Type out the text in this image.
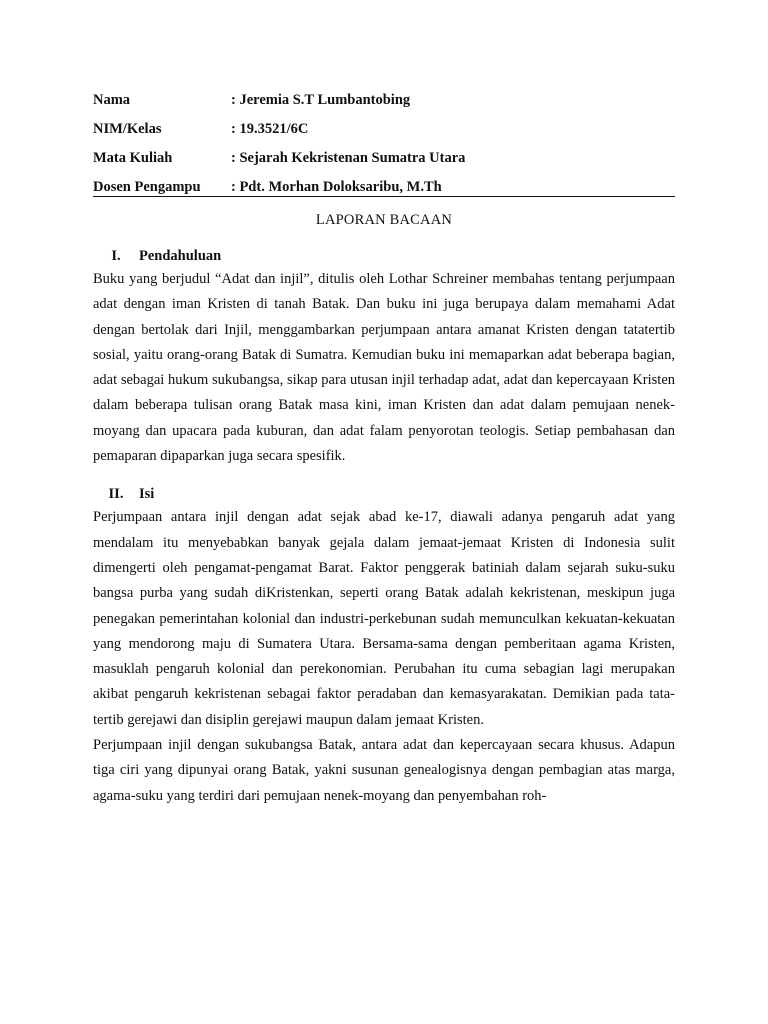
Nama	: Jeremia S.T Lumbantobing
NIM/Kelas	: 19.3521/6C
Mata Kuliah	: Sejarah Kekristenan Sumatra Utara
Dosen Pengampu	: Pdt. Morhan Doloksaribu, M.Th
LAPORAN BACAAN
I.	Pendahuluan

Buku yang berjudul “Adat dan injil”, ditulis oleh Lothar Schreiner membahas tentang perjumpaan adat dengan iman Kristen di tanah Batak. Dan buku ini juga berupaya dalam memahami Adat dengan bertolak dari Injil, menggambarkan perjumpaan antara amanat Kristen dengan tatatertib sosial, yaitu orang-orang Batak di Sumatra. Kemudian buku ini memaparkan adat beberapa bagian, adat sebagai hukum sukubangsa, sikap para utusan injil terhadap adat, adat dan kepercayaan Kristen dalam beberapa tulisan orang Batak masa kini, iman Kristen dan adat dalam pemujaan nenek-moyang dan upacara pada kuburan, dan adat falam penyorotan teologis. Setiap pembahasan dan pemaparan dipaparkan juga secara spesifik.

II.	Isi

Perjumpaan antara injil dengan adat sejak abad ke-17, diawali adanya pengaruh adat yang mendalam itu menyebabkan banyak gejala dalam jemaat-jemaat Kristen di Indonesia sulit dimengerti oleh pengamat-pengamat Barat. Faktor penggerak batiniah dalam sejarah suku-suku bangsa purba yang sudah diKristenkan, seperti orang Batak adalah kekristenan, meskipun juga penegakan pemerintahan kolonial dan industri-perkebunan sudah memunculkan kekuatan-kekuatan yang mendorong maju di Sumatera Utara. Bersama-sama dengan pemberitaan agama Kristen, masuklah pengaruh kolonial dan perekonomian. Perubahan itu cuma sebagian lagi merupakan akibat pengaruh kekristenan sebagai faktor peradaban dan kemasyarakatan. Demikian pada tata-tertib gerejawi dan disiplin gerejawi maupun dalam jemaat Kristen.

Perjumpaan injil dengan sukubangsa Batak, antara adat dan kepercayaan secara khusus. Adapun tiga ciri yang dipunyai orang Batak, yakni susunan genealogisnya dengan pembagian atas marga, agama-suku yang terdiri dari pemujaan nenek-moyang dan penyembahan roh-
